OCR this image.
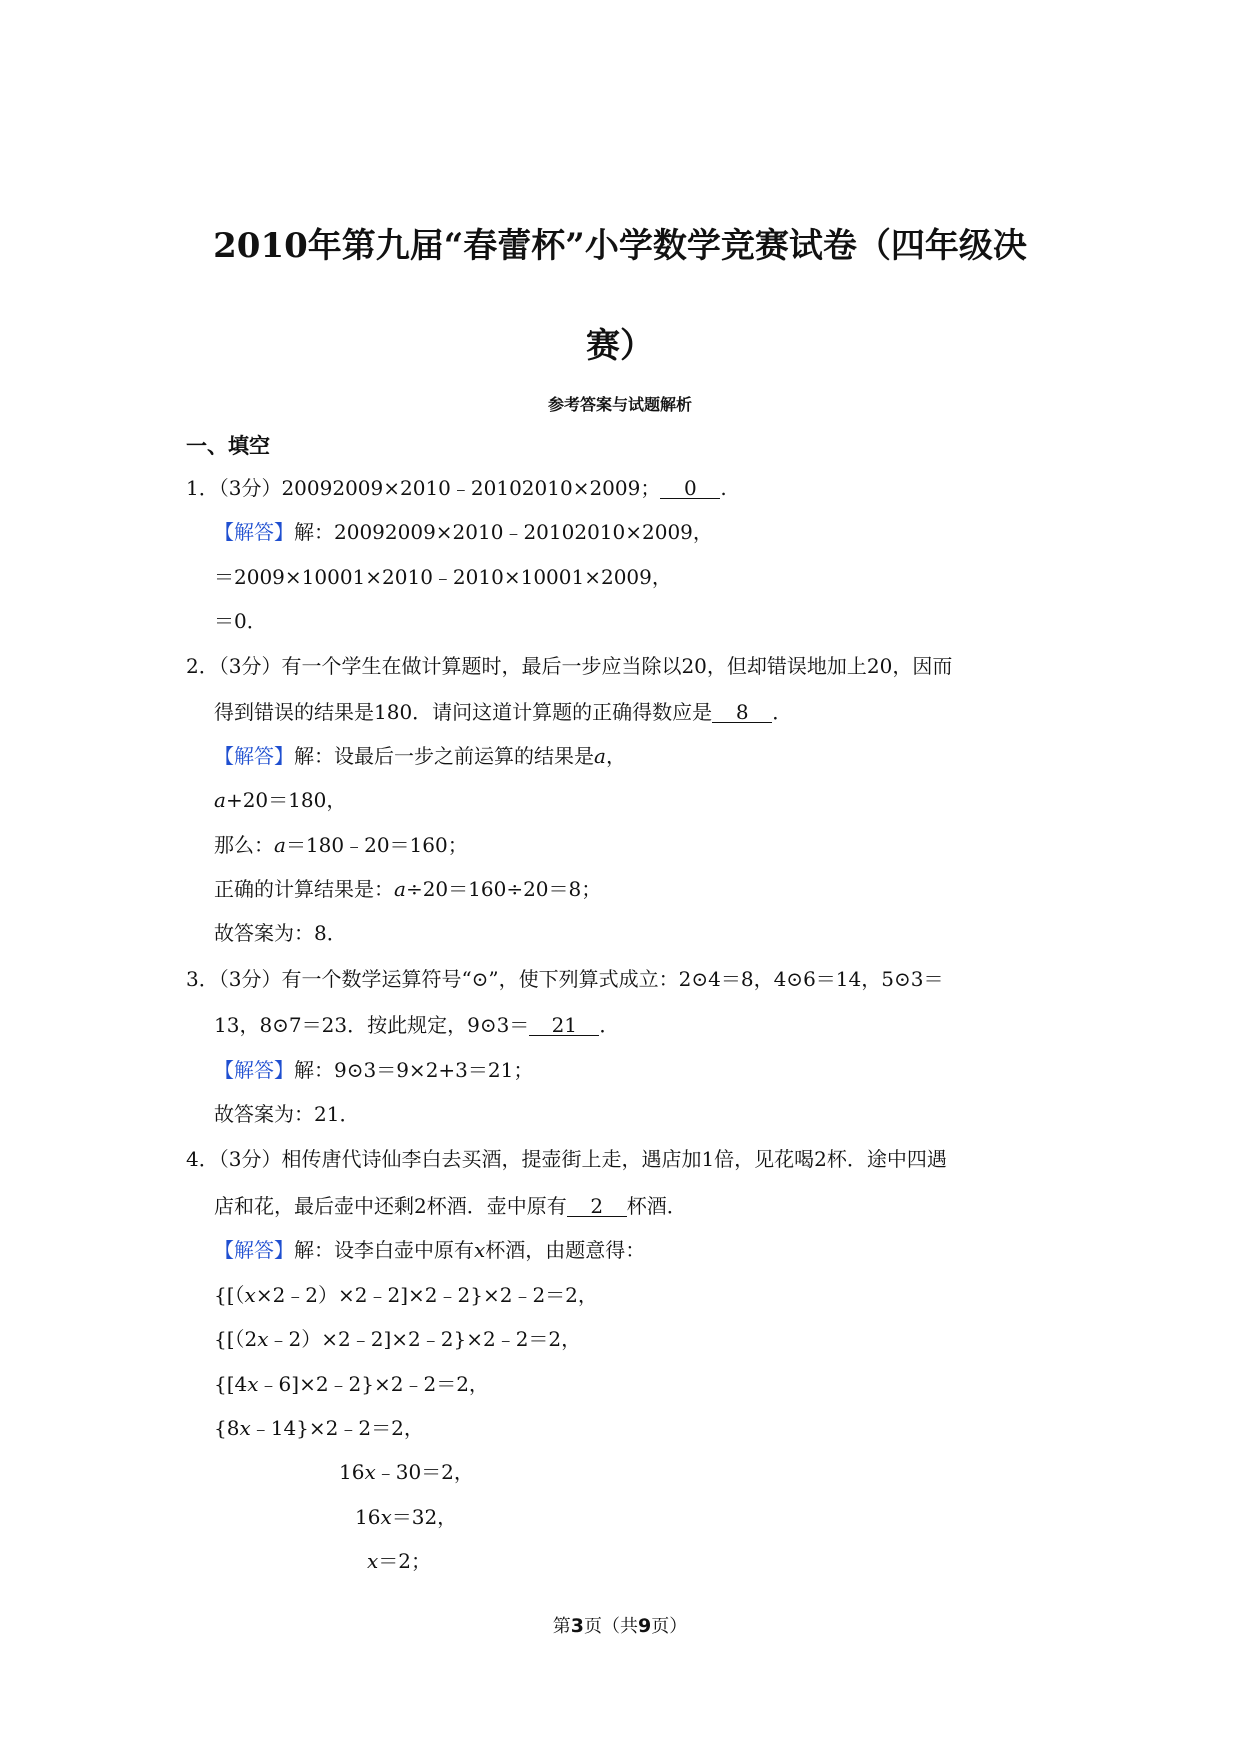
2010年第九届“春蕾杯”小学数学竞赛试卷（四年级决
赛）
参考答案与试题解析
一、填空
1．（3分）20092009×2010﹣20102010×2009； 0 .
【解答】解：20092009×2010﹣20102010×2009，
＝2009×10001×2010﹣2010×10001×2009，
＝0．
2．（3分）有一个学生在做计算题时，最后一步应当除以20，但却错误地加上20，因而
得到错误的结果是180．请问这道计算题的正确得数应是 8 ．
【解答】解：设最后一步之前运算的结果是a，
a+20＝180，
那么：a＝180﹣20＝160；
正确的计算结果是：a÷20＝160÷20＝8；
故答案为：8．
3．（3分）有一个数学运算符号“⊙”，使下列算式成立：2⊙4＝8，4⊙6＝14，5⊙3＝
13，8⊙7＝23．按此规定，9⊙3＝ 21 ．
【解答】解：9⊙3＝9×2+3＝21；
故答案为：21．
4．（3分）相传唐代诗仙李白去买酒，提壶街上走，遇店加1倍，见花喝2杯．途中四遇
店和花，最后壶中还剩2杯酒．壶中原有 2 杯酒．
【解答】解：设李白壶中原有x杯酒，由题意得：
{[（x×2﹣2）×2﹣2]×2﹣2}×2﹣2＝2，
{[（2x﹣2）×2﹣2]×2﹣2}×2﹣2＝2，
{[4x﹣6]×2﹣2}×2﹣2＝2，
{8x﹣14}×2﹣2＝2，
16x﹣30＝2，
16x＝32，
x＝2；
第3页（共9页）
